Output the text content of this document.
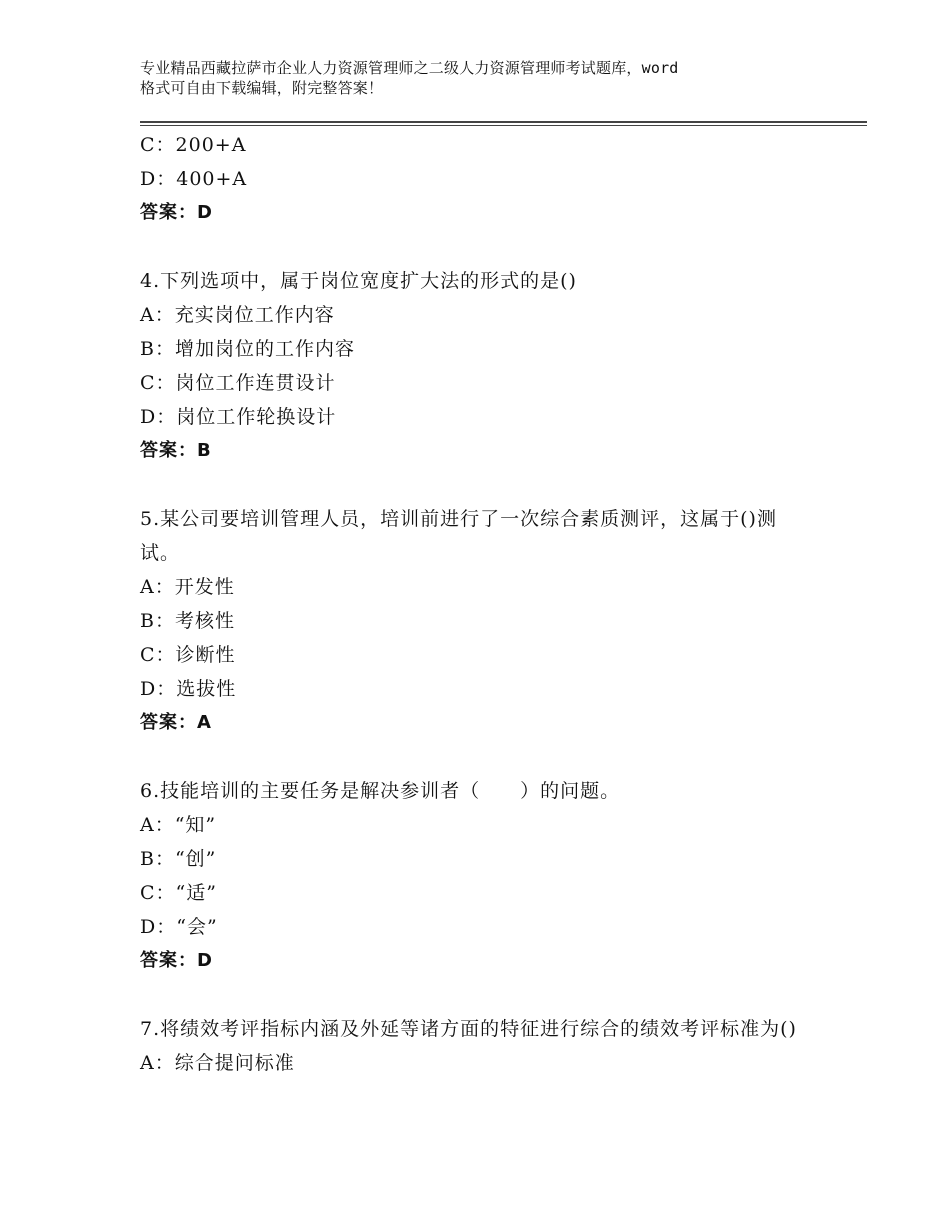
专业精品西藏拉萨市企业人力资源管理师之二级人力资源管理师考试题库，word
格式可自由下载编辑，附完整答案！
C：200+A
D：400+A
答案：D
4.下列选项中，属于岗位宽度扩大法的形式的是()
A：充实岗位工作内容
B：增加岗位的工作内容
C：岗位工作连贯设计
D：岗位工作轮换设计
答案：B
5.某公司要培训管理人员，培训前进行了一次综合素质测评，这属于()测试。
A：开发性
B：考核性
C：诊断性
D：选拔性
答案：A
6.技能培训的主要任务是解决参训者（　　）的问题。
A：“知”
B：“创”
C：“适”
D：“会”
答案：D
7.将绩效考评指标内涵及外延等诸方面的特征进行综合的绩效考评标准为()
A：综合提问标准
